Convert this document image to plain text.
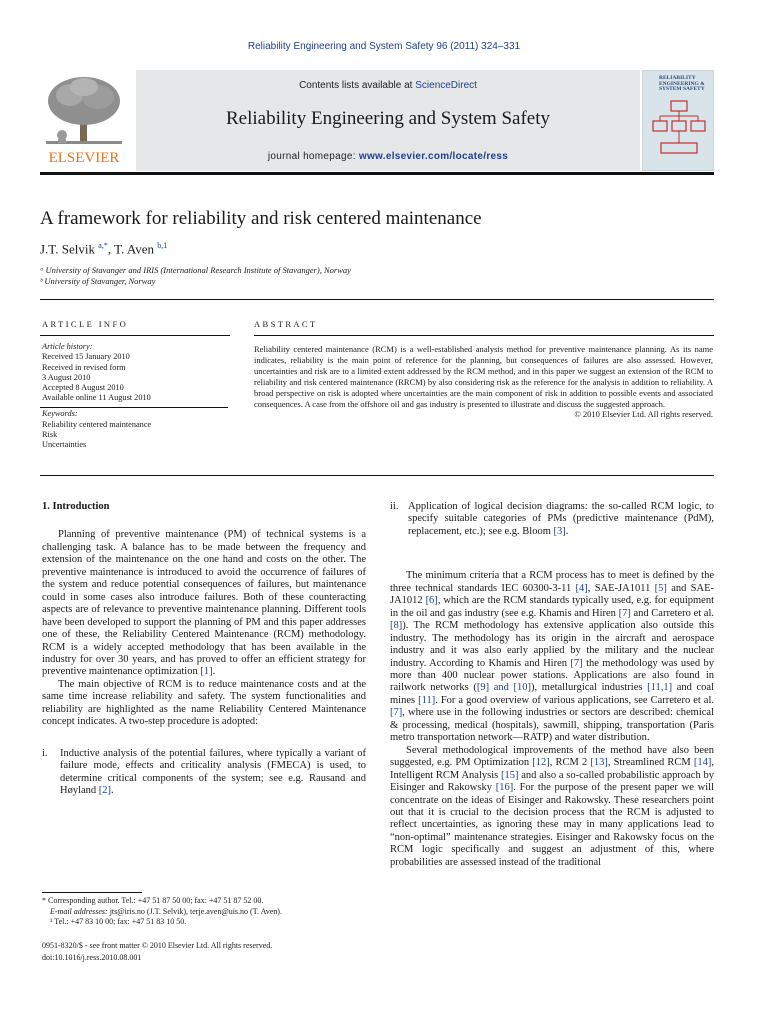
Reliability Engineering and System Safety 96 (2011) 324–331
ELSEVIER
Contents lists available at ScienceDirect
Reliability Engineering and System Safety
journal homepage: www.elsevier.com/locate/ress
RELIABILITY ENGINEERING & SYSTEM SAFETY
A framework for reliability and risk centered maintenance
J.T. Selvik $^{a,*}$, T. Aven $^{b,1}$
ᵃ University of Stavanger and IRIS (International Research Institute of Stavanger), Norway
ᵇ University of Stavanger, Norway
ARTICLE INFO	ABSTRACT
Article history:
Received 15 January 2010
Received in revised form
3 August 2010
Accepted 8 August 2010
Available online 11 August 2010
Keywords:
Reliability centered maintenance
Risk
Uncertainties
Reliability centered maintenance (RCM) is a well-established analysis method for preventive maintenance planning. As its name indicates, reliability is the main point of reference for the planning, but consequences of failures are also assessed. However, uncertainties and risk are to a limited extent addressed by the RCM method, and in this paper we suggest an extension of the RCM to reliability and risk centered maintenance (RRCM) by also considering risk as the reference for the analysis in addition to reliability. A broad perspective on risk is adopted where uncertainties are the main component of risk in addition to possible events and associated consequences. A case from the offshore oil and gas industry is presented to illustrate and discuss the suggested approach.
© 2010 Elsevier Ltd. All rights reserved.

1. Introduction

Planning of preventive maintenance (PM) of technical systems is a challenging task. A balance has to be made between the frequency and extension of the maintenance on the one hand and costs on the other. The preventive maintenance is introduced to avoid the occurrence of failures of the system and reduce potential consequences of failures, but maintenance could in some cases also introduce failures. Both of these counteracting aspects are of relevance to preventive maintenance planning. Different tools have been developed to support the planning of PM and this paper addresses one of these, the Reliability Centered Maintenance (RCM) methodology. RCM is a widely accepted methodology that has been available in the industry for over 30 years, and has proved to offer an efficient strategy for preventive maintenance optimization [1].

The main objective of RCM is to reduce maintenance costs and at the same time increase reliability and safety. The system functionalities and reliability are highlighted as the name Reliability Centered Maintenance concept indicates. A two-step procedure is adopted:

i.	Inductive analysis of the potential failures, where typically a variant of failure mode, effects and criticality analysis (FMECA) is used, to determine critical components of the system; see e.g. Rausand and Høyland [2].
* Corresponding author. Tel.: +47 51 87 50 00; fax: +47 51 87 52 00.
E-mail addresses: jts@iris.no (J.T. Selvik), terje.aven@uis.no (T. Aven).
¹ Tel.: +47 83 10 00; fax: +47 51 83 10 50.
0951-8320/$ - see front matter © 2010 Elsevier Ltd. All rights reserved.
doi:10.1016/j.ress.2010.08.001
ii. Application of logical decision diagrams: the so-called RCM logic, to specify suitable categories of PMs (predictive maintenance (PdM), replacement, etc.); see e.g. Bloom [3].

The minimum criteria that a RCM process has to meet is defined by the three technical standards IEC 60300-3-11 [4], SAE-JA1011 [5] and SAE-JA1012 [6], which are the RCM standards typically used, e.g. for equipment in the oil and gas industry (see e.g. Khamis and Hiren [7] and Carretero et al. [8]). The RCM methodology has extensive application also outside this industry. The methodology has its origin in the aircraft and aerospace industry and it was also early applied by the military and the nuclear industry. According to Khamis and Hiren [7] the methodology was used by more than 400 nuclear power stations. Applications are also found in railwork networks ([9] and [10]), metallurgical industries [11,1] and coal mines [11]. For a good overview of various applications, see Carretero et al. [7], where use in the following industries or sectors are described: chemical & processing, medical (hospitals), sawmill, shipping, transportation (Paris metro transportation network—RATP) and water distribution.

Several methodological improvements of the method have also been suggested, e.g. PM Optimization [12], RCM 2 [13], Streamlined RCM [14], Intelligent RCM Analysis [15] and also a so-called probabilistic approach by Eisinger and Rakowsky [16]. For the purpose of the present paper we will concentrate on the ideas of Eisinger and Rakowsky. These researchers point out that it is crucial to the decision process that the RCM is adjusted to reflect uncertainties, as ignoring these may in many applications lead to “non-optimal” maintenance strategies. Eisinger and Rakowsky focus on the RCM logic specifically and suggest an adjustment of this, where probabilities are assessed instead of the traditional
